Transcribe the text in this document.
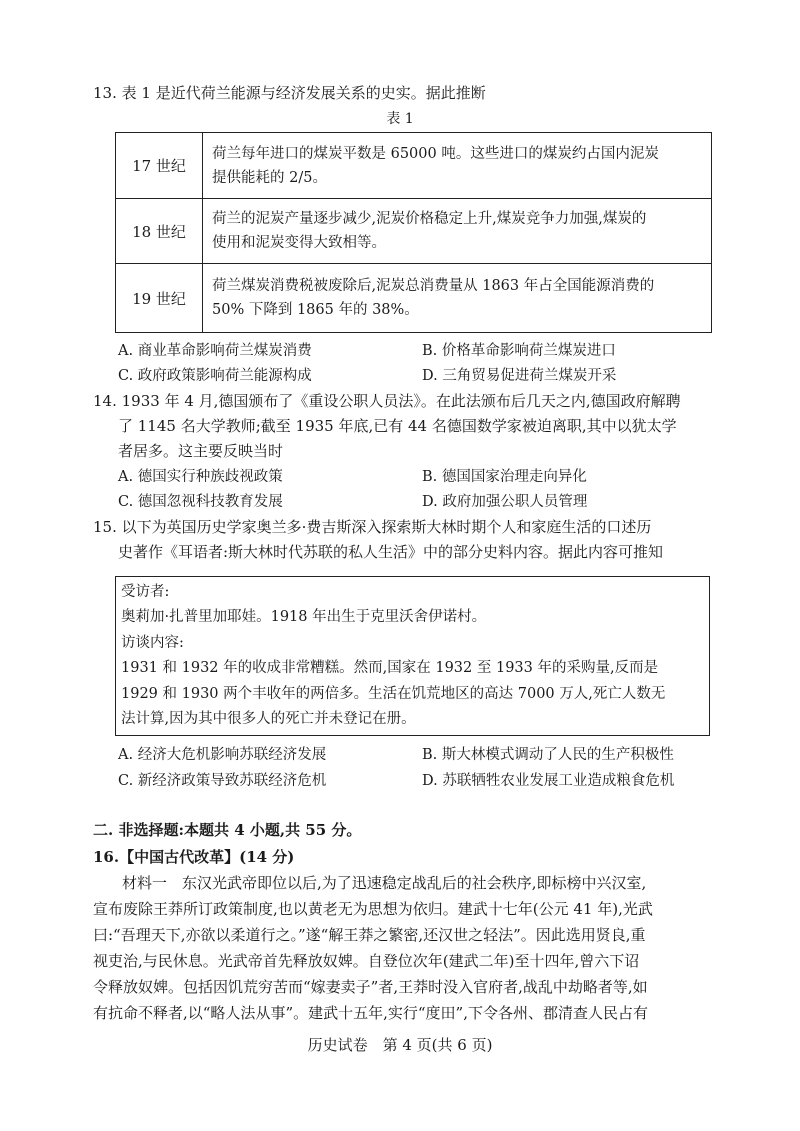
13. 表 1 是近代荷兰能源与经济发展关系的史实。据此推断
表 1
17 世纪	荷兰每年进口的煤炭平数是 65000 吨。这些进口的煤炭约占国内泥炭
提供能耗的 2/5。

18 世纪	荷兰的泥炭产量逐步减少,泥炭价格稳定上升,煤炭竞争力加强,煤炭的
使用和泥炭变得大致相等。

19 世纪	荷兰煤炭消费税被废除后,泥炭总消费量从 1863 年占全国能源消费的
50% 下降到 1865 年的 38%。
A. 商业革命影响荷兰煤炭消费	B. 价格革命影响荷兰煤炭进口
C. 政府政策影响荷兰能源构成	D. 三角贸易促进荷兰煤炭开采
14. 1933 年 4 月,德国颁布了《重设公职人员法》。在此法颁布后几天之内,德国政府解聘
了 1145 名大学教师;截至 1935 年底,已有 44 名德国数学家被迫离职,其中以犹太学
者居多。这主要反映当时
A. 德国实行种族歧视政策	B. 德国国家治理走向异化
C. 德国忽视科技教育发展	D. 政府加强公职人员管理
15. 以下为英国历史学家奥兰多·费吉斯深入探索斯大林时期个人和家庭生活的口述历
史著作《耳语者:斯大林时代苏联的私人生活》中的部分史料内容。据此内容可推知
受访者:
奥莉加·扎普里加耶娃。1918 年出生于克里沃舍伊诺村。
访谈内容:
1931 和 1932 年的收成非常糟糕。然而,国家在 1932 至 1933 年的采购量,反而是
1929 和 1930 两个丰收年的两倍多。生活在饥荒地区的高达 7000 万人,死亡人数无
法计算,因为其中很多人的死亡并未登记在册。
A. 经济大危机影响苏联经济发展	B. 斯大林模式调动了人民的生产积极性
C. 新经济政策导致苏联经济危机	D. 苏联牺牲农业发展工业造成粮食危机
二. 非选择题:本题共 4 小题,共 55 分。
16.【中国古代改革】(14 分)
材料一　东汉光武帝即位以后,为了迅速稳定战乱后的社会秩序,即标榜中兴汉室,
宣布废除王莽所订政策制度,也以黄老无为思想为依归。建武十七年(公元 41 年),光武
曰:“吾理天下,亦欲以柔道行之。”遂“解王莽之繁密,还汉世之轻法”。因此选用贤良,重
视吏治,与民休息。光武帝首先释放奴婢。自登位次年(建武二年)至十四年,曾六下诏
令释放奴婢。包括因饥荒穷苦而“嫁妻卖子”者,王莽时没入官府者,战乱中劫略者等,如
有抗命不释者,以“略人法从事”。建武十五年,实行“度田”,下令各州、郡清查人民占有
历史试卷　第 4 页(共 6 页)
